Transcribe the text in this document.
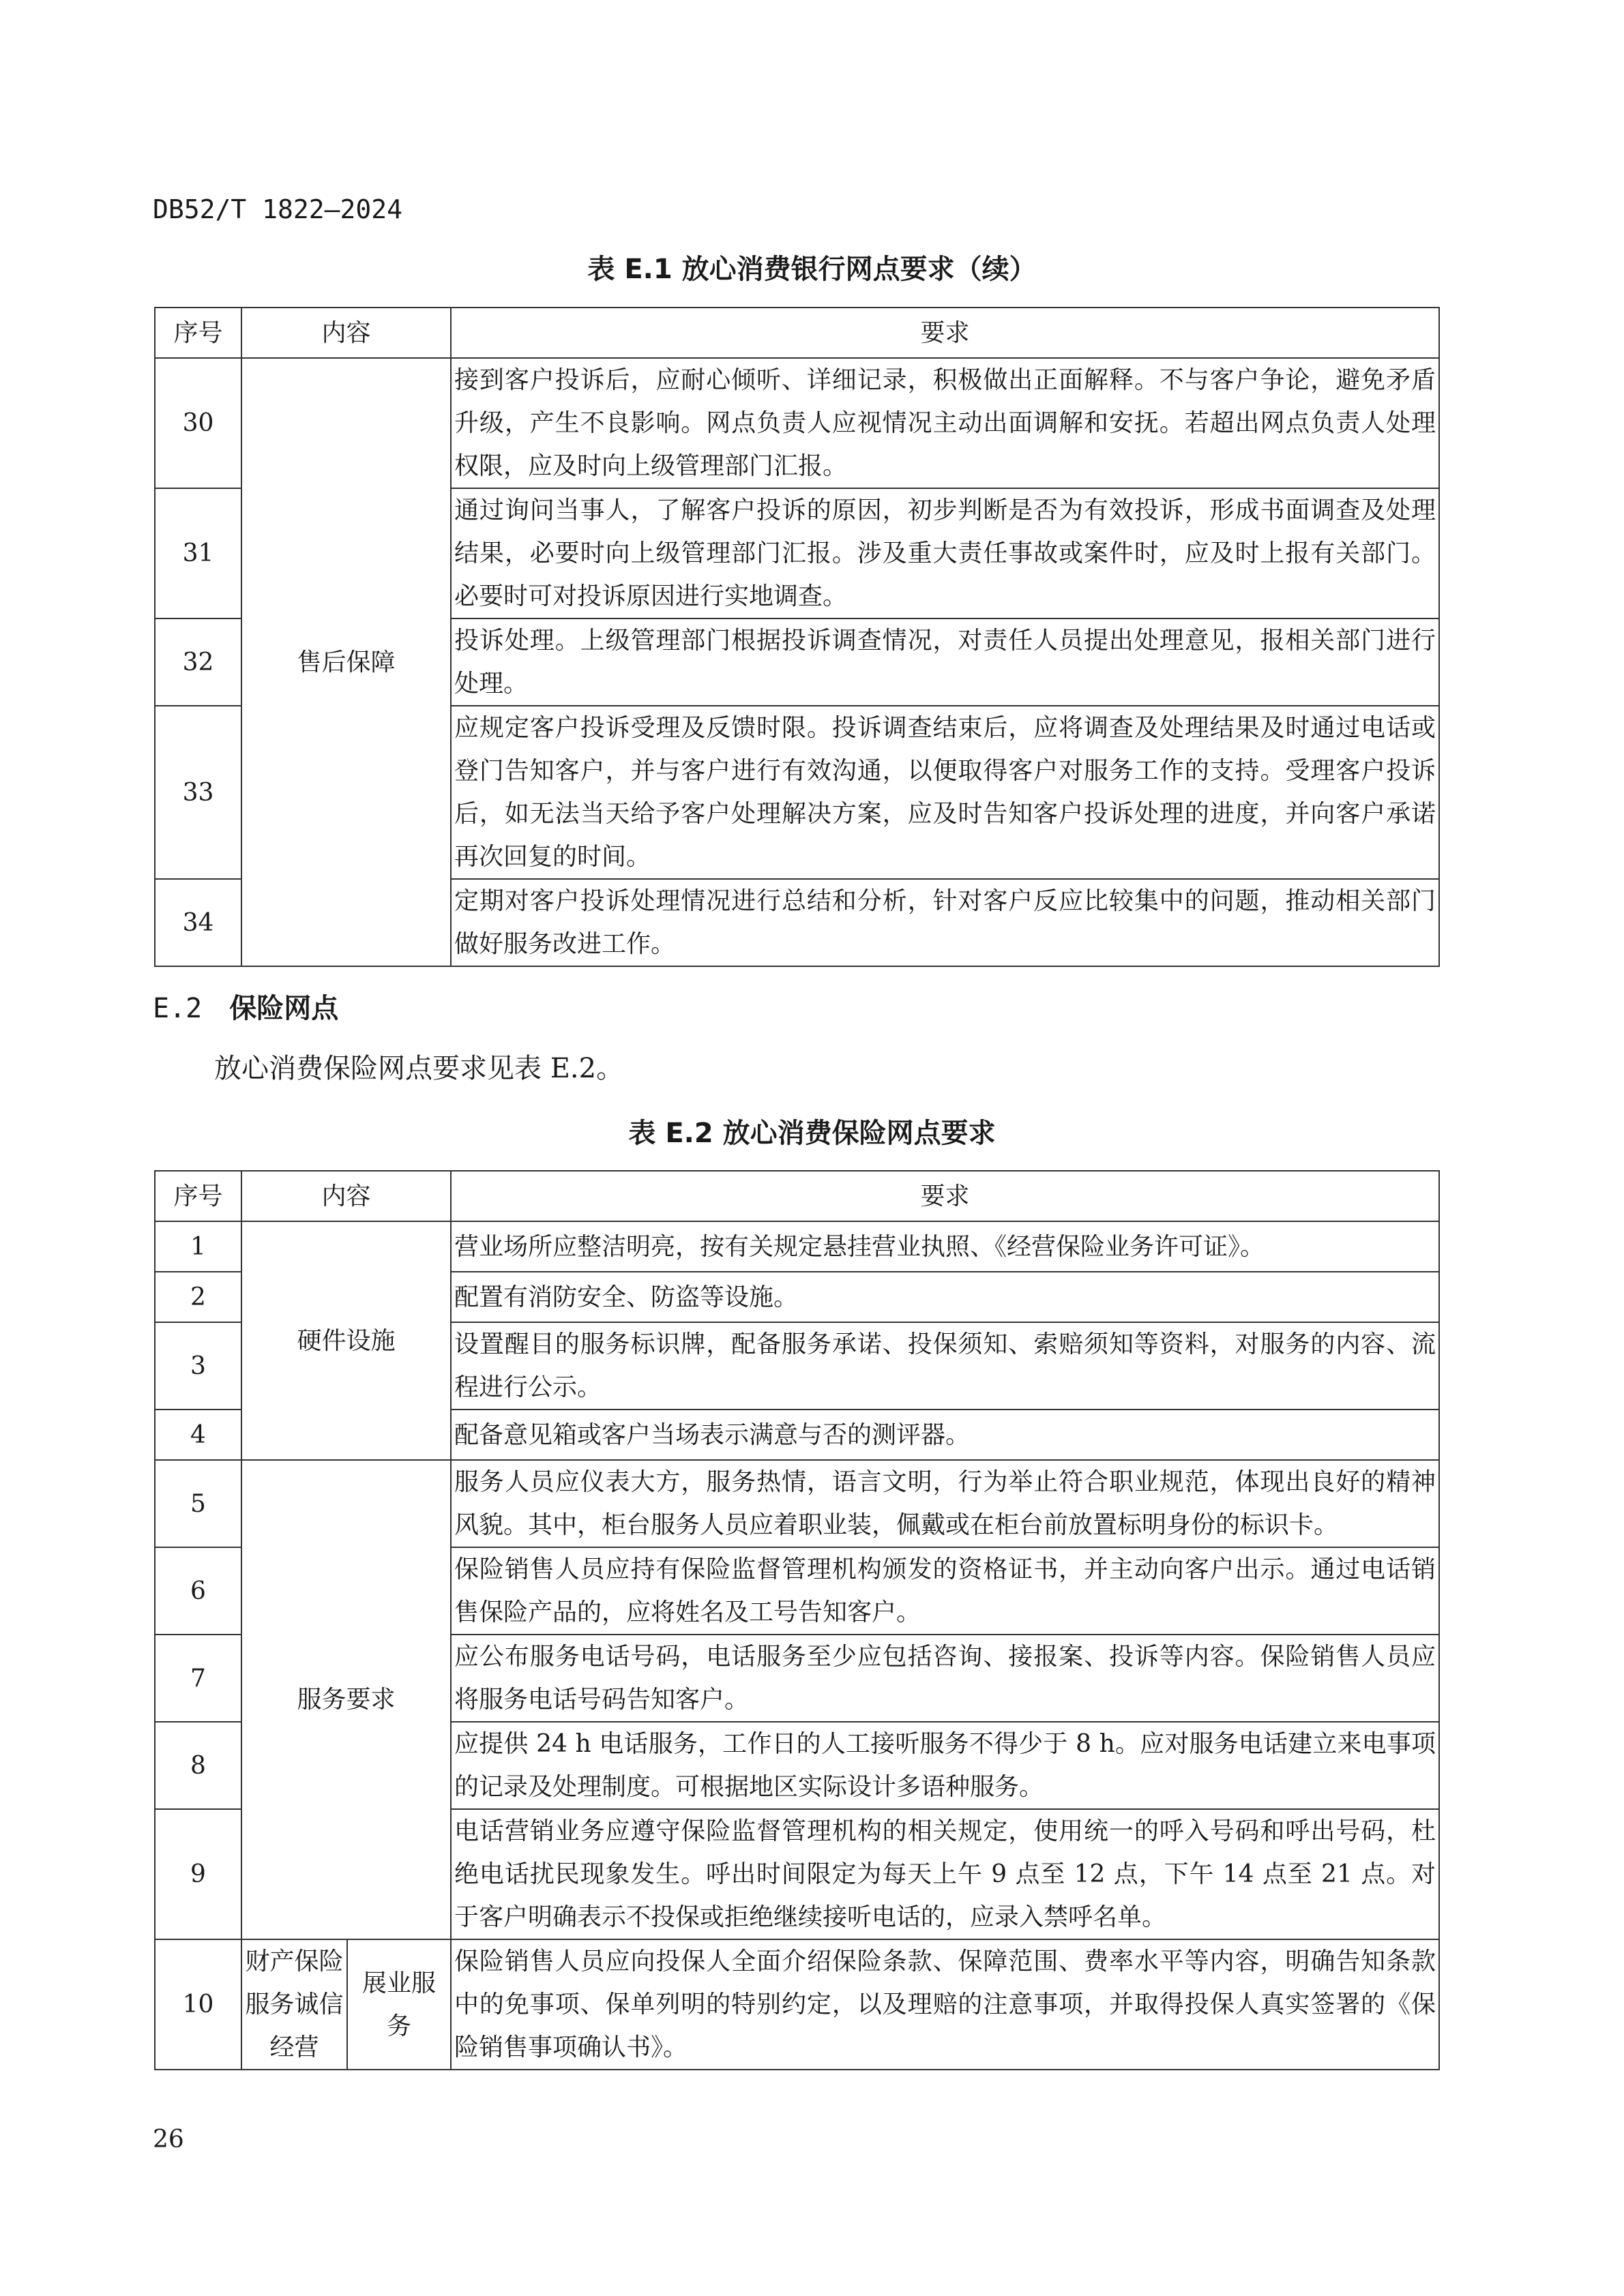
DB52/T 1822—2024
表 E.1 放心消费银行网点要求（续）
序号	内容	要求
30	售后保障	接到客户投诉后，应耐心倾听、详细记录，积极做出正面解释。不与客户争论，避免矛盾升级，产生不良影响。网点负责人应视情况主动出面调解和安抚。若超出网点负责人处理权限，应及时向上级管理部门汇报。
31		通过询问当事人，了解客户投诉的原因，初步判断是否为有效投诉，形成书面调查及处理结果，必要时向上级管理部门汇报。涉及重大责任事故或案件时，应及时上报有关部门。必要时可对投诉原因进行实地调查。
32		投诉处理。上级管理部门根据投诉调查情况，对责任人员提出处理意见，报相关部门进行处理。
33		应规定客户投诉受理及反馈时限。投诉调查结束后，应将调查及处理结果及时通过电话或登门告知客户，并与客户进行有效沟通，以便取得客户对服务工作的支持。受理客户投诉后，如无法当天给予客户处理解决方案，应及时告知客户投诉处理的进度，并向客户承诺再次回复的时间。
34		定期对客户投诉处理情况进行总结和分析，针对客户反应比较集中的问题，推动相关部门做好服务改进工作。
E.2 保险网点
放心消费保险网点要求见表 E.2。
表 E.2 放心消费保险网点要求
序号	内容		要求
1	硬件设施		营业场所应整洁明亮，按有关规定悬挂营业执照、《经营保险业务许可证》。
2			配置有消防安全、防盗等设施。
3			设置醒目的服务标识牌，配备服务承诺、投保须知、索赔须知等资料，对服务的内容、流程进行公示。
4			配备意见箱或客户当场表示满意与否的测评器。
5	服务要求		服务人员应仪表大方，服务热情，语言文明，行为举止符合职业规范，体现出良好的精神风貌。其中，柜台服务人员应着职业装，佩戴或在柜台前放置标明身份的标识卡。
6			保险销售人员应持有保险监督管理机构颁发的资格证书，并主动向客户出示。通过电话销售保险产品的，应将姓名及工号告知客户。
7			应公布服务电话号码，电话服务至少应包括咨询、接报案、投诉等内容。保险销售人员应将服务电话号码告知客户。
8			应提供 24 h 电话服务，工作日的人工接听服务不得少于 8 h。应对服务电话建立来电事项的记录及处理制度。可根据地区实际设计多语种服务。
9			电话营销业务应遵守保险监督管理机构的相关规定，使用统一的呼入号码和呼出号码，杜绝电话扰民现象发生。呼出时间限定为每天上午 9 点至 12 点，下午 14 点至 21 点。对于客户明确表示不投保或拒绝继续接听电话的，应录入禁呼名单。
10	财产保险服务诚信经营	展业服务	保险销售人员应向投保人全面介绍保险条款、保障范围、费率水平等内容，明确告知条款中的免事项、保单列明的特别约定，以及理赔的注意事项，并取得投保人真实签署的《保险销售事项确认书》。
26
